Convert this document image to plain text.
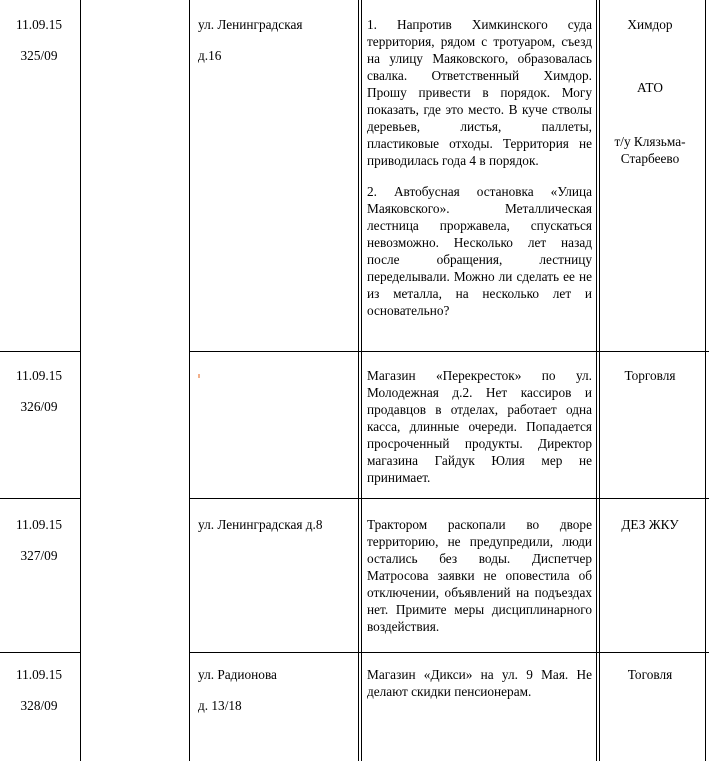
11.09.15
325/09
ул. Ленинградская
д.16

1. Напротив Химкинского суда территория, рядом с тротуаром, съезд на улицу Маяковского, образовалась свалка. Ответственный Химдор. Прошу привести в порядок. Могу показать, где это место. В куче стволы деревьев, листья, паллеты, пластиковые отходы. Территория не приводилась года 4 в порядок.

2. Автобусная остановка «Улица Маяковского». Металлическая лестница проржавела, спускаться невозможно. Несколько лет назад после обращения, лестницу переделывали. Можно ли сделать ее не из металла, на несколько лет и основательно?

Химдор
АТО
т/у Клязьма-Старбеево
11.09.15
326/09

Магазин «Перекресток» по ул. Молодежная д.2. Нет кассиров и продавцов в отделах, работает одна касса, длинные очереди. Попадается просроченный продукты. Директор магазина Гайдук Юлия мер не принимает.

Торговля
11.09.15
327/09
ул. Ленинградская д.8	Трактором раскопали во дворе территорию, не предупредили, люди остались без воды. Диспетчер Матросова заявки не оповестила об отключении, объявлений на подъездах нет. Примите меры дисциплинарного воздействия.

ДЕЗ ЖКУ
11.09.15
328/09
ул. Радионова
д. 13/18

Магазин «Дикси» на ул. 9 Мая. Не делают скидки пенсионерам.

Тоговля
